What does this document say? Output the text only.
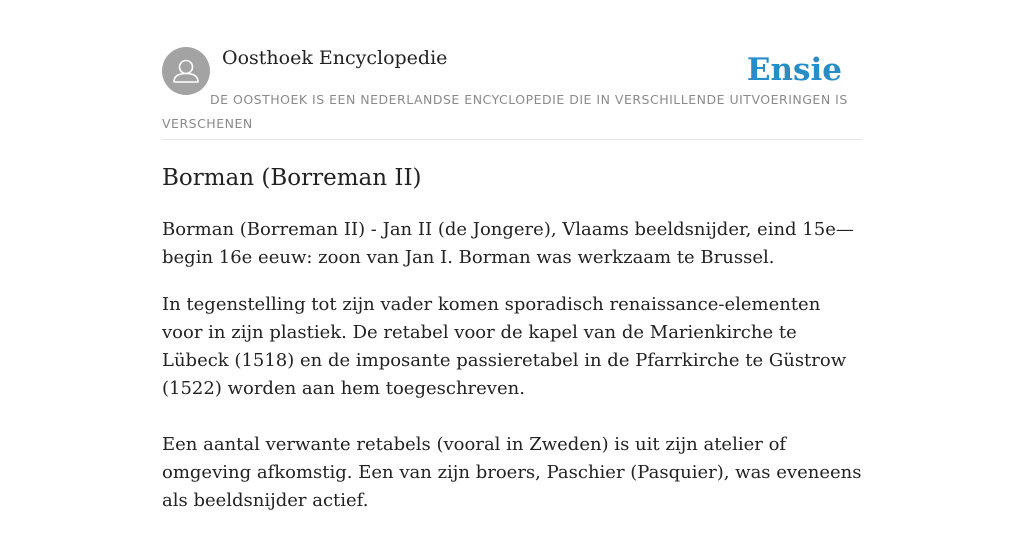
Oosthoek Encyclopedie	Ensie
DE OOSTHOEK IS EEN NEDERLANDSE ENCYCLOPEDIE DIE IN VERSCHILLENDE UITVOERINGEN IS VERSCHENEN
Borman (Borreman II)

Borman (Borreman II) - Jan II (de Jongere), Vlaams beeldsnijder, eind 15e—begin 16e eeuw: zoon van Jan I. Borman was werkzaam te Brussel.

In tegenstelling tot zijn vader komen sporadisch renaissance-elementen voor in zijn plastiek. De retabel voor de kapel van de Marienkirche te Lübeck (1518) en de imposante passieretabel in de Pfarrkirche te Güstrow (1522) worden aan hem toegeschreven.

Een aantal verwante retabels (vooral in Zweden) is uit zijn atelier of omgeving afkomstig. Een van zijn broers, Paschier (Pasquier), was eveneens als beeldsnijder actief.
